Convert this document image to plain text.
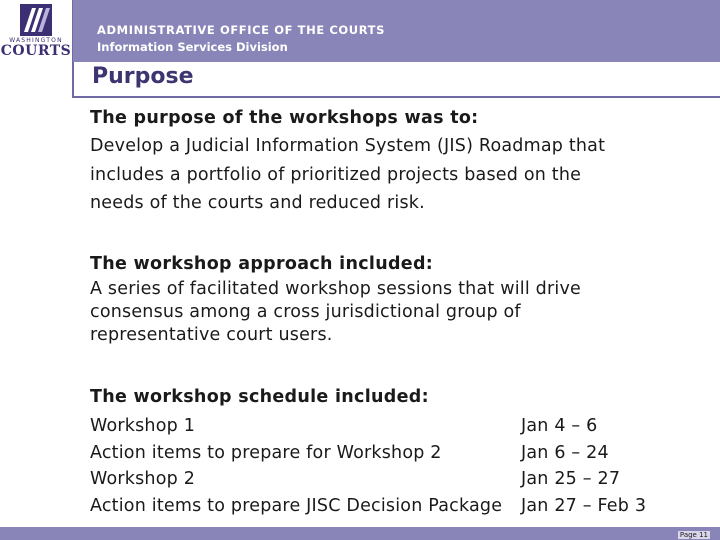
WASHINGTON
COURTS
ADMINISTRATIVE OFFICE OF THE COURTS
Information Services Division
Purpose

The purpose of the workshops was to:

Develop a Judicial Information System (JIS) Roadmap that

includes a portfolio of prioritized projects based on the

needs of the courts and reduced risk.

The workshop approach included:

A series of facilitated workshop sessions that will drive

consensus among a cross jurisdictional group of

representative court users.

The workshop schedule included:

Workshop 1	Jan 4 – 6
Action items to prepare for Workshop 2	Jan 6 – 24
Workshop 2	Jan 25 – 27
Action items to prepare JISC Decision Package	Jan 27 – Feb 3
Page 11
